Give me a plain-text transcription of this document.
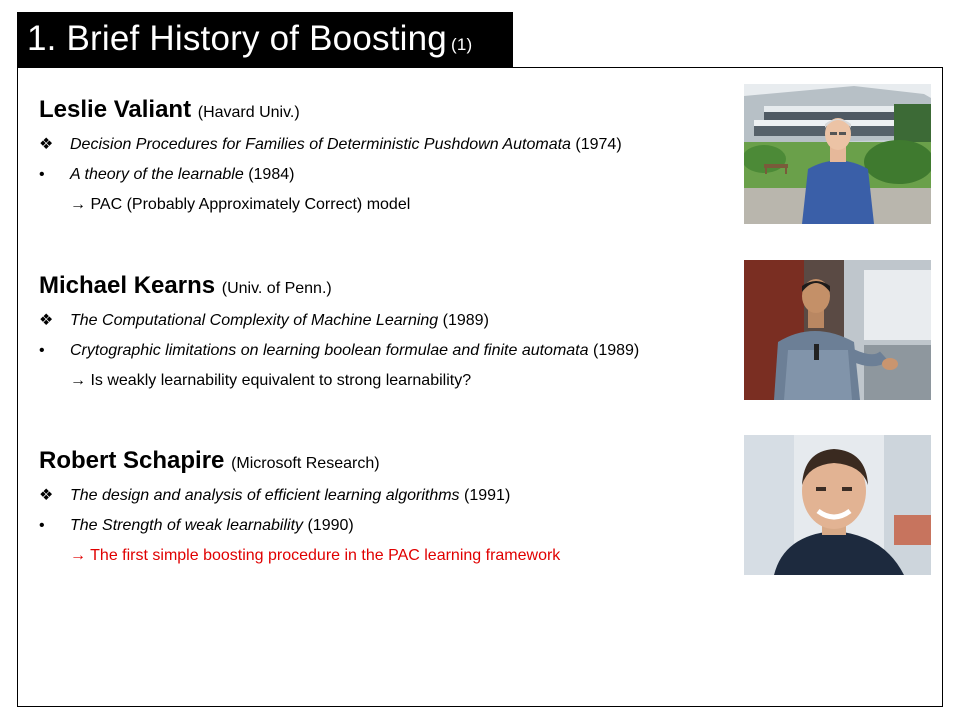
1. Brief History of Boosting (1)
Leslie Valiant (Havard Univ.)
❖	Decision Procedures for Families of Deterministic Pushdown Automata (1974)
•	A theory of the learnable (1984)
→ PAC (Probably Approximately Correct) model
Michael Kearns (Univ. of Penn.)
❖	The Computational Complexity of Machine Learning (1989)
•	Crytographic limitations on learning boolean formulae and finite automata (1989)
→ Is weakly learnability equivalent to strong learnability?
Robert Schapire (Microsoft Research)
❖	The design and analysis of efficient learning algorithms (1991)
•	The Strength of weak learnability (1990)
→ The first simple boosting procedure in the PAC learning framework
